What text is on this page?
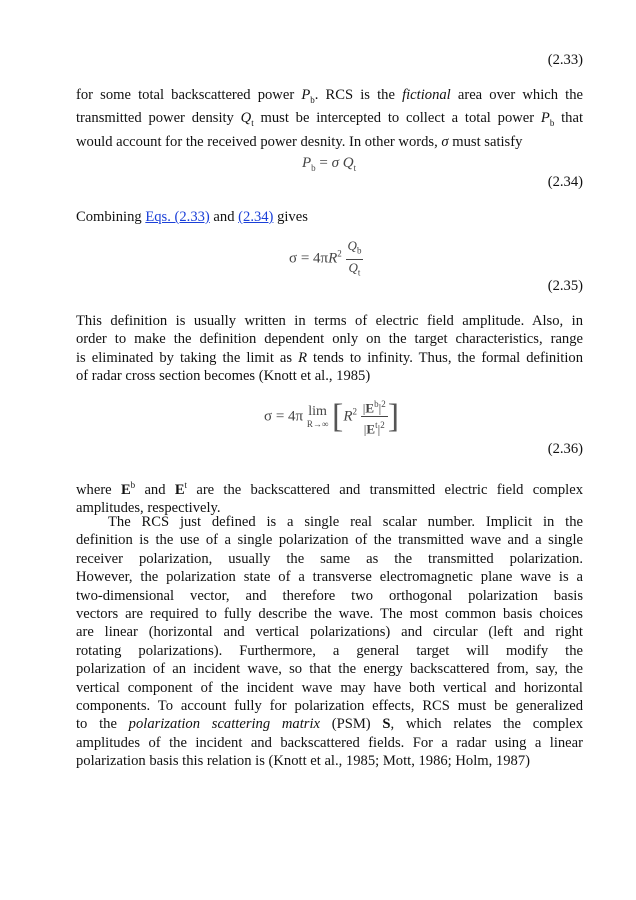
(2.33)

for some total backscattered power $P_b$. RCS is the fictional area over which the
transmitted power density $Q_t$ must be intercepted to collect a total power $P_b$ that
would account for the received power desnity. In other words, σ must satisfy

$P_b = \sigma$ $Q_t$
(2.34)

Combining Eqs. (2.33) and (2.34) gives

$\sigma = 4\pi R^2 \frac{Q_b}{Q_t}$
(2.35)

This definition is usually written in terms of electric field amplitude. Also, in
order to make the definition dependent only on the target characteristics, range
is eliminated by taking the limit as R tends to infinity. Thus, the formal definition
of radar cross section becomes (Knott et al., 1985)

σ = 4π lim
R→∞ [$R^2 \frac{|E^b|^2}{|E^t|^2}$ ]
(2.36)

where $E^b$ and $E^t$ are the backscattered and transmitted electric field complex
amplitudes, respectively.

The RCS just defined is a single real scalar number. Implicit in the
definition is the use of a single polarization of the transmitted wave and a single
receiver polarization, usually the same as the transmitted polarization.
However, the polarization state of a transverse electromagnetic plane wave is a
two-dimensional vector, and therefore two orthogonal polarization basis
vectors are required to fully describe the wave. The most common basis choices
are linear (horizontal and vertical polarizations) and circular (left and right
rotating polarizations). Furthermore, a general target will modify the
polarization of an incident wave, so that the energy backscattered from, say, the
vertical component of the incident wave may have both vertical and horizontal
components. To account fully for polarization effects, RCS must be generalized
to the polarization scattering matrix (PSM) S, which relates the complex
amplitudes of the incident and backscattered fields. For a radar using a linear
polarization basis this relation is (Knott et al., 1985; Mott, 1986; Holm, 1987)
